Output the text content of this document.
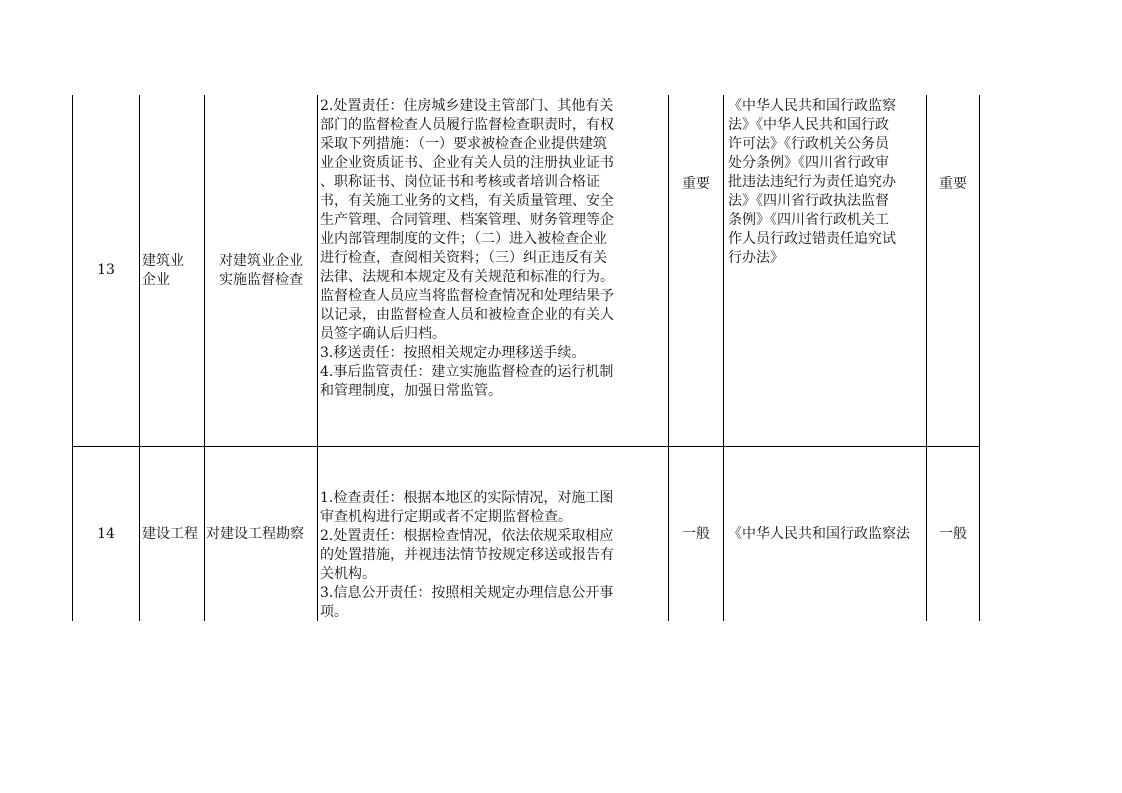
13
建筑业
企业
对建筑业企业
实施监督检查
2.处置责任：住房城乡建设主管部门、其他有关
部门的监督检查人员履行监督检查职责时，有权
采取下列措施：（一）要求被检查企业提供建筑
业企业资质证书、企业有关人员的注册执业证书
、职称证书、岗位证书和考核或者培训合格证
书，有关施工业务的文档，有关质量管理、安全
生产管理、合同管理、档案管理、财务管理等企
业内部管理制度的文件；（二）进入被检查企业
进行检查，查阅相关资料；（三）纠正违反有关
法律、法规和本规定及有关规范和标准的行为。
监督检查人员应当将监督检查情况和处理结果予
以记录，由监督检查人员和被检查企业的有关人
员签字确认后归档。
3.移送责任：按照相关规定办理移送手续。
4.事后监管责任：建立实施监督检查的运行机制
和管理制度，加强日常监管。
重要
《中华人民共和国行政监察
法》《中华人民共和国行政
许可法》《行政机关公务员
处分条例》《四川省行政审
批违法违纪行为责任追究办
法》《四川省行政执法监督
条例》《四川省行政机关工
作人员行政过错责任追究试
行办法》
重要
14 建设工程 对建设工程勘察
1.检查责任：根据本地区的实际情况，对施工图
审查机构进行定期或者不定期监督检查。
2.处置责任：根据检查情况，依法依规采取相应
的处置措施，并视违法情节按规定移送或报告有
关机构。
3.信息公开责任：按照相关规定办理信息公开事
项。
一般 《中华人民共和国行政监察法 一般
